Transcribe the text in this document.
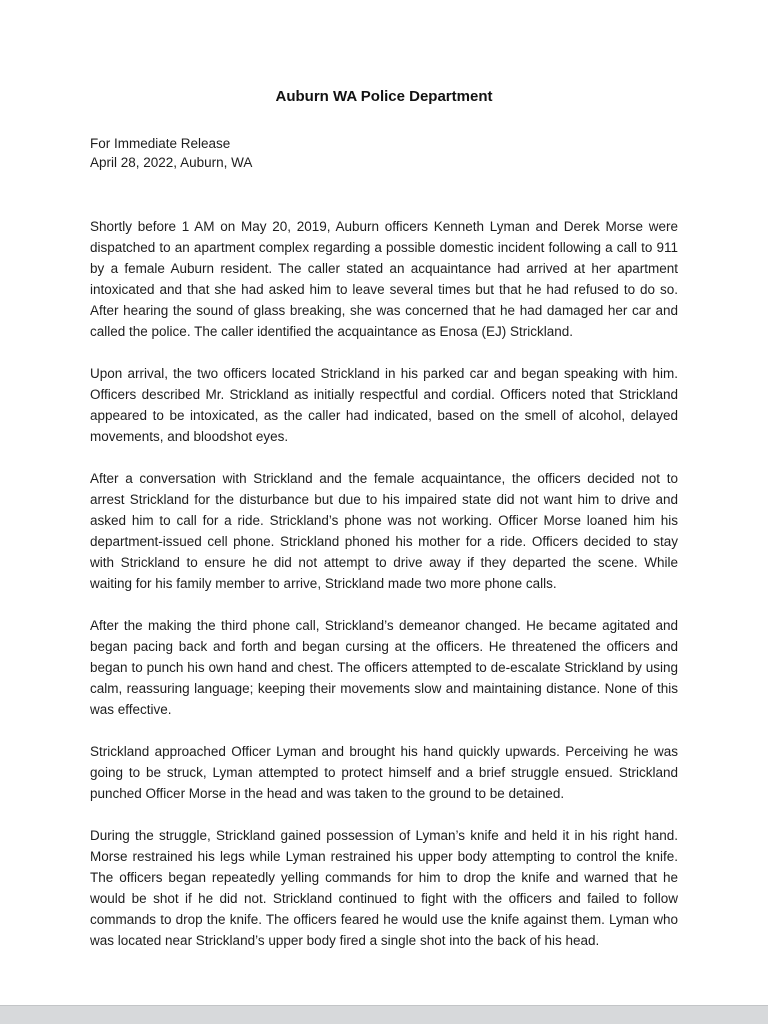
Auburn WA Police Department

For Immediate Release

April 28, 2022, Auburn, WA

Shortly before 1 AM on May 20, 2019, Auburn officers Kenneth Lyman and Derek Morse were dispatched to an apartment complex regarding a possible domestic incident following a call to 911 by a female Auburn resident. The caller stated an acquaintance had arrived at her apartment intoxicated and that she had asked him to leave several times but that he had refused to do so. After hearing the sound of glass breaking, she was concerned that he had damaged her car and called the police. The caller identified the acquaintance as Enosa (EJ) Strickland.

Upon arrival, the two officers located Strickland in his parked car and began speaking with him. Officers described Mr. Strickland as initially respectful and cordial. Officers noted that Strickland appeared to be intoxicated, as the caller had indicated, based on the smell of alcohol, delayed movements, and bloodshot eyes.

After a conversation with Strickland and the female acquaintance, the officers decided not to arrest Strickland for the disturbance but due to his impaired state did not want him to drive and asked him to call for a ride. Strickland’s phone was not working. Officer Morse loaned him his department-issued cell phone. Strickland phoned his mother for a ride. Officers decided to stay with Strickland to ensure he did not attempt to drive away if they departed the scene. While waiting for his family member to arrive, Strickland made two more phone calls.

After the making the third phone call, Strickland’s demeanor changed. He became agitated and began pacing back and forth and began cursing at the officers. He threatened the officers and began to punch his own hand and chest. The officers attempted to de-escalate Strickland by using calm, reassuring language; keeping their movements slow and maintaining distance. None of this was effective.

Strickland approached Officer Lyman and brought his hand quickly upwards. Perceiving he was going to be struck, Lyman attempted to protect himself and a brief struggle ensued. Strickland punched Officer Morse in the head and was taken to the ground to be detained.

During the struggle, Strickland gained possession of Lyman’s knife and held it in his right hand. Morse restrained his legs while Lyman restrained his upper body attempting to control the knife. The officers began repeatedly yelling commands for him to drop the knife and warned that he would be shot if he did not. Strickland continued to fight with the officers and failed to follow commands to drop the knife. The officers feared he would use the knife against them. Lyman who was located near Strickland’s upper body fired a single shot into the back of his head.
